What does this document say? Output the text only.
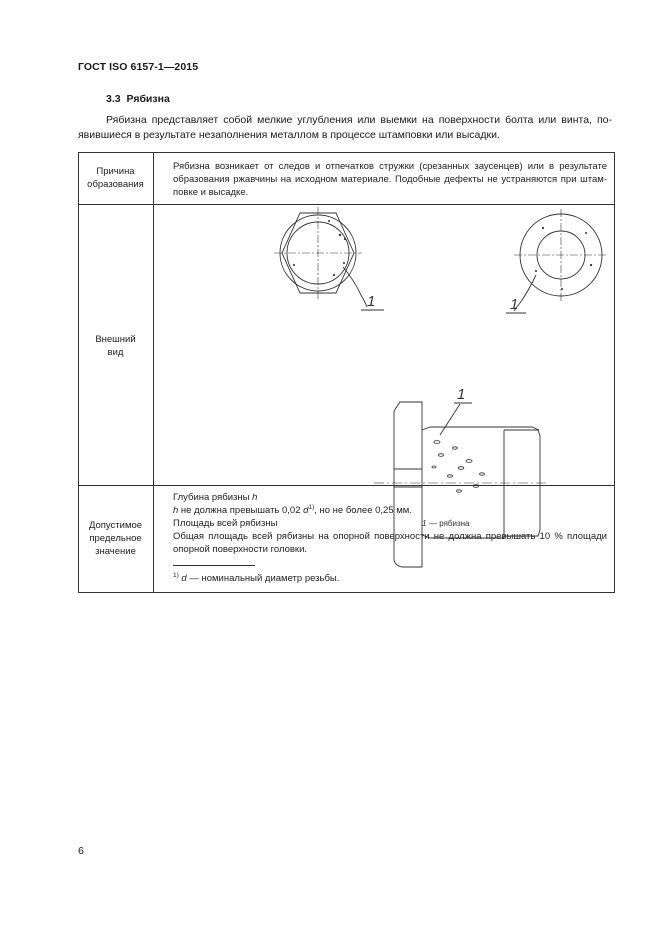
ГОСТ ISO 6157-1—2015
3.3 Рябизна
Рябизна представляет собой мелкие углубления или выемки на поверхности болта или винта, по-
явившиеся в результате незаполнения металлом в процессе штамповки или высадки.
Причина
образования
Рябизна возникает от следов и отпечатков стружки (срезанных заусенцев) или в результате
образования ржавчины на исходном материале. Подобные дефекты не устраняются при штам-
повке и высадке.
Внешний
вид
1	1
1
1 — рябизна
Допустимое
предельное
значение
Глубина рябизны h
h не должна превышать 0,02 $d^{1)}$, но не более 0,25 мм.
Площадь всей рябизны
Общая площадь всей рябизны на опорной поверхности не должна превышать 10 % площади
опорной поверхности головки.
$^{1)}$ d — номинальный диаметр резьбы.
6
